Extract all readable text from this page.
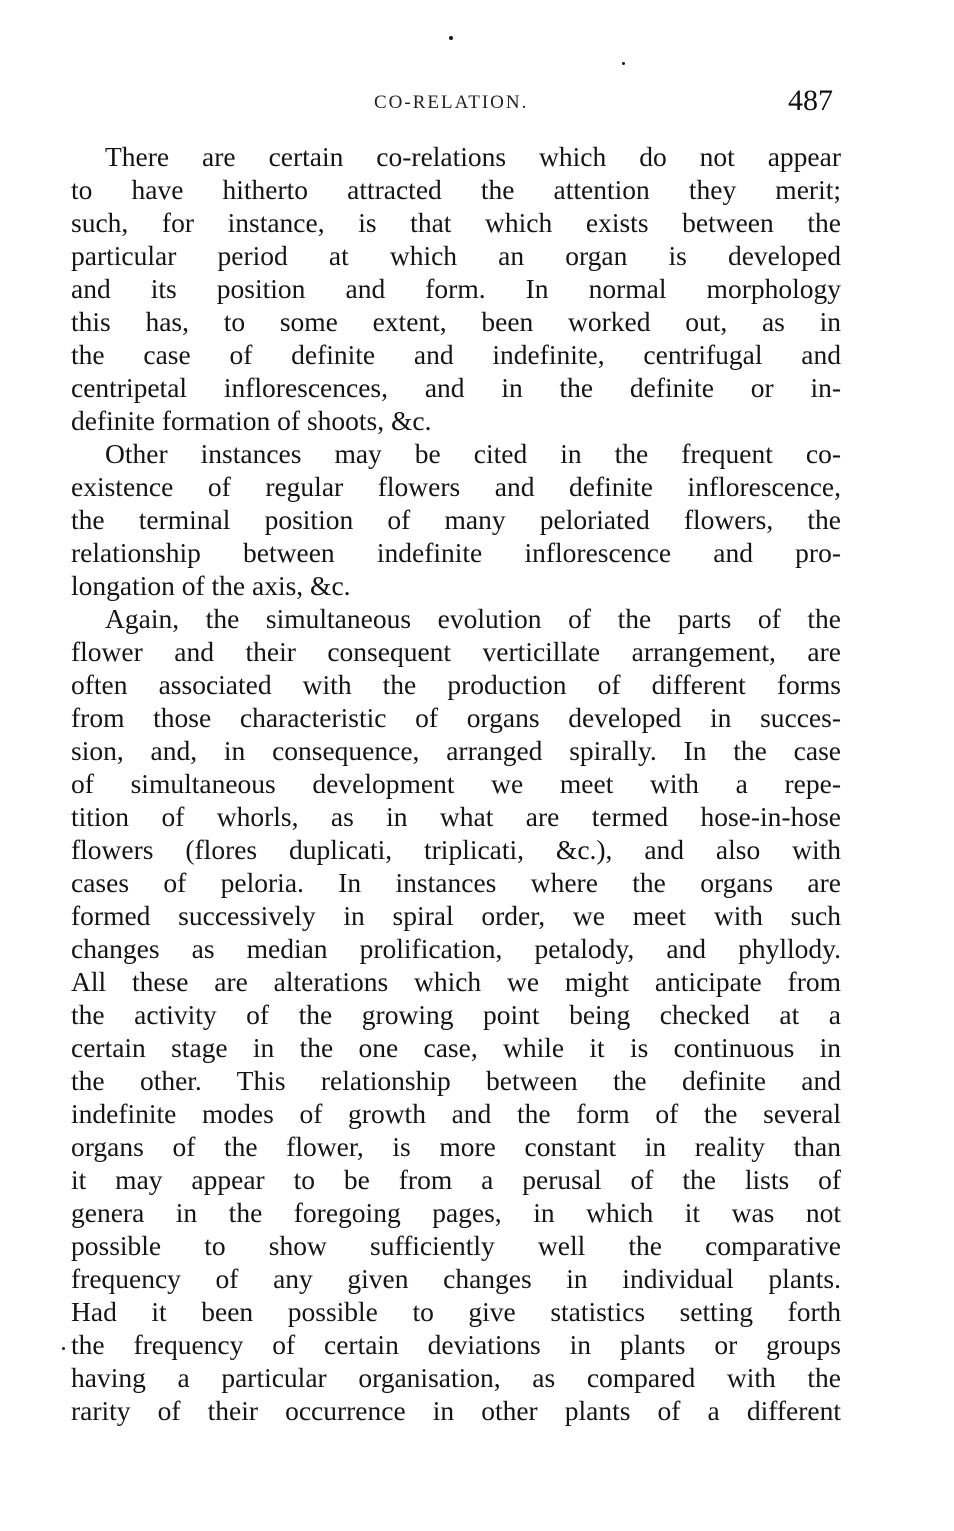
CO-RELATION.	487
There are certain co-relations which do not appear
to have hitherto attracted the attention they merit;
such, for instance, is that which exists between the
particular period at which an organ is developed
and its position and form. In normal morphology
this has, to some extent, been worked out, as in
the case of definite and indefinite, centrifugal and
centripetal inflorescences, and in the definite or in-
definite formation of shoots, &c.
Other instances may be cited in the frequent co-
existence of regular flowers and definite inflorescence,
the terminal position of many peloriated flowers, the
relationship between indefinite inflorescence and pro-
longation of the axis, &c.
Again, the simultaneous evolution of the parts of the
flower and their consequent verticillate arrangement, are
often associated with the production of different forms
from those characteristic of organs developed in succes-
sion, and, in consequence, arranged spirally. In the case
of simultaneous development we meet with a repe-
tition of whorls, as in what are termed hose-in-hose
flowers (flores duplicati, triplicati, &c.), and also with
cases of peloria. In instances where the organs are
formed successively in spiral order, we meet with such
changes as median prolification, petalody, and phyllody.
All these are alterations which we might anticipate from
the activity of the growing point being checked at a
certain stage in the one case, while it is continuous in
the other. This relationship between the definite and
indefinite modes of growth and the form of the several
organs of the flower, is more constant in reality than
it may appear to be from a perusal of the lists of
genera in the foregoing pages, in which it was not
possible to show sufficiently well the comparative
frequency of any given changes in individual plants.
Had it been possible to give statistics setting forth
the frequency of certain deviations in plants or groups
having a particular organisation, as compared with the
rarity of their occurrence in other plants of a different
